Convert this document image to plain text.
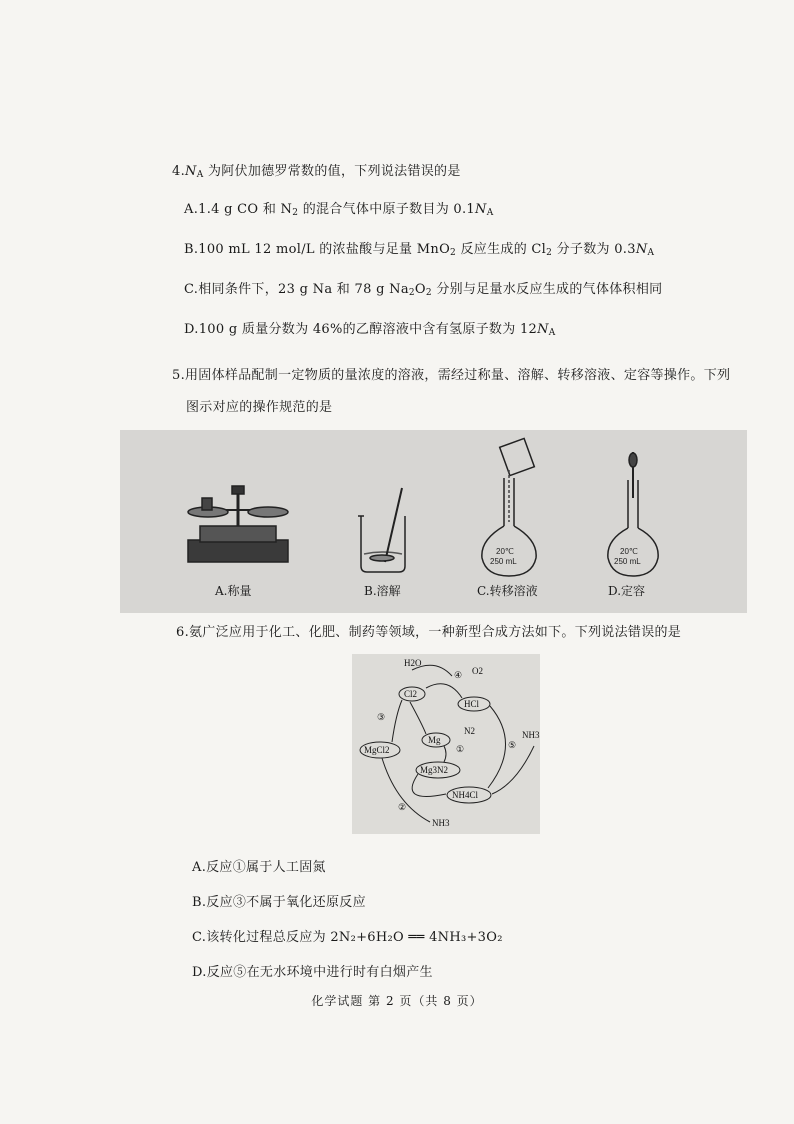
$4.N_A$ 为阿伏加德罗常数的值，下列说法错误的是
A.1.4 g CO 和 $N_2$ 的混合气体中原子数目为 $0.1N_A$
B.100 mL 12 mol/L 的浓盐酸与足量 MnO$_2$ 反应生成的 $Cl_2$ 分子数为 $0.3N_A$
C.相同条件下，23 g Na 和 78 g $Na_2O_2$ 分别与足量水反应生成的气体体积相同
D.100 g 质量分数为 46%的乙醇溶液中含有氢原子数为 $12N_A$
5.用固体样品配制一定物质的量浓度的溶液，需经过称量、溶解、转移溶液、定容等操作。下列
图示对应的操作规范的是
20℃
250 mL
20℃
250 mL
A.称量	B.溶解	C.转移溶液	D.定容
6.氨广泛应用于化工、化肥、制药等领域，一种新型合成方法如下。下列说法错误的是
H2O
O2
④
Cl2
HCl
③
Mg
N2
①	⑤
NH3
MgCl2
Mg3N2
②
NH4Cl
NH3
A.反应①属于人工固氮
B.反应③不属于氧化还原反应
C.该转化过程总反应为 2N₂+6H₂O ══ 4NH₃+3O₂
D.反应⑤在无水环境中进行时有白烟产生
化学试题 第 2 页（共 8 页）
